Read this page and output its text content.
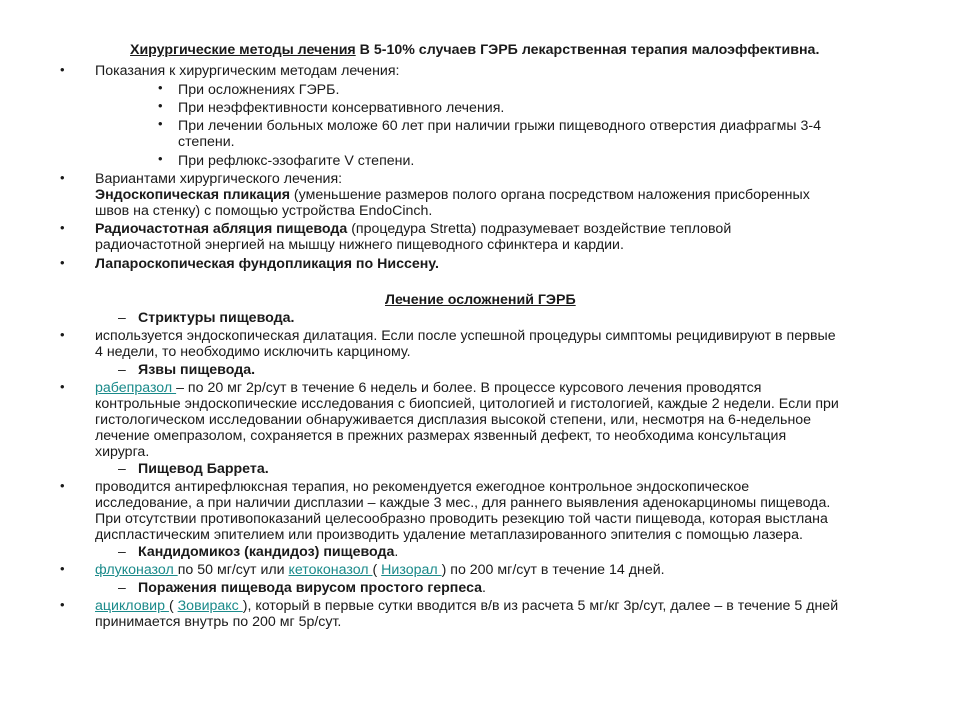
Хирургические методы лечения В 5-10% случаев ГЭРБ лекарственная терапия малоэффективна.
• Показания к хирургическим методам лечения:
• При осложнениях ГЭРБ.
• При неэффективности консервативного лечения.
• При лечении больных моложе 60 лет при наличии грыжи пищеводного отверстия диафрагмы 3-4
степени.
• При рефлюкс-эзофагите V степени.
• Вариантами хирургического лечения:
Эндоскопическая пликация (уменьшение размеров полого органа посредством наложения присборенных
швов на стенку) с помощью устройства EndoCinch.
• Радиочастотная абляция пищевода (процедура Stretta) подразумевает воздействие тепловой
радиочастотной энергией на мышцу нижнего пищеводного сфинктера и кардии.
• Лапароскопическая фундопликация по Ниссену.
Лечение осложнений ГЭРБ
– Стриктуры пищевода.
• используется эндоскопическая дилатация. Если после успешной процедуры симптомы рецидивируют в первые
4 недели, то необходимо исключить карциному.
– Язвы пищевода.
• рабепразол – по 20 мг 2р/сут в течение 6 недель и более. В процессе курсового лечения проводятся
контрольные эндоскопические исследования с биопсией, цитологией и гистологией, каждые 2 недели. Если при
гистологическом исследовании обнаруживается дисплазия высокой степени, или, несмотря на 6-недельное
лечение омепразолом, сохраняется в прежних размерах язвенный дефект, то необходима консультация
хирурга.
– Пищевод Баррета.
• проводится антирефлюксная терапия, но рекомендуется ежегодное контрольное эндоскопическое
исследование, а при наличии дисплазии – каждые 3 мес., для раннего выявления аденокарциномы пищевода.
При отсутствии противопоказаний целесообразно проводить резекцию той части пищевода, которая выстлана
диспластическим эпителием или производить удаление метаплазированного эпителия с помощью лазера.
– Кандидомикоз (кандидоз) пищевода.
• флуконазол по 50 мг/сут или кетоконазол ( Низорал ) по 200 мг/сут в течение 14 дней.
– Поражения пищевода вирусом простого герпеса.
• ацикловир ( Зовиракс ), который в первые сутки вводится в/в из расчета 5 мг/кг 3р/сут, далее – в течение 5 дней
принимается внутрь по 200 мг 5р/сут.
